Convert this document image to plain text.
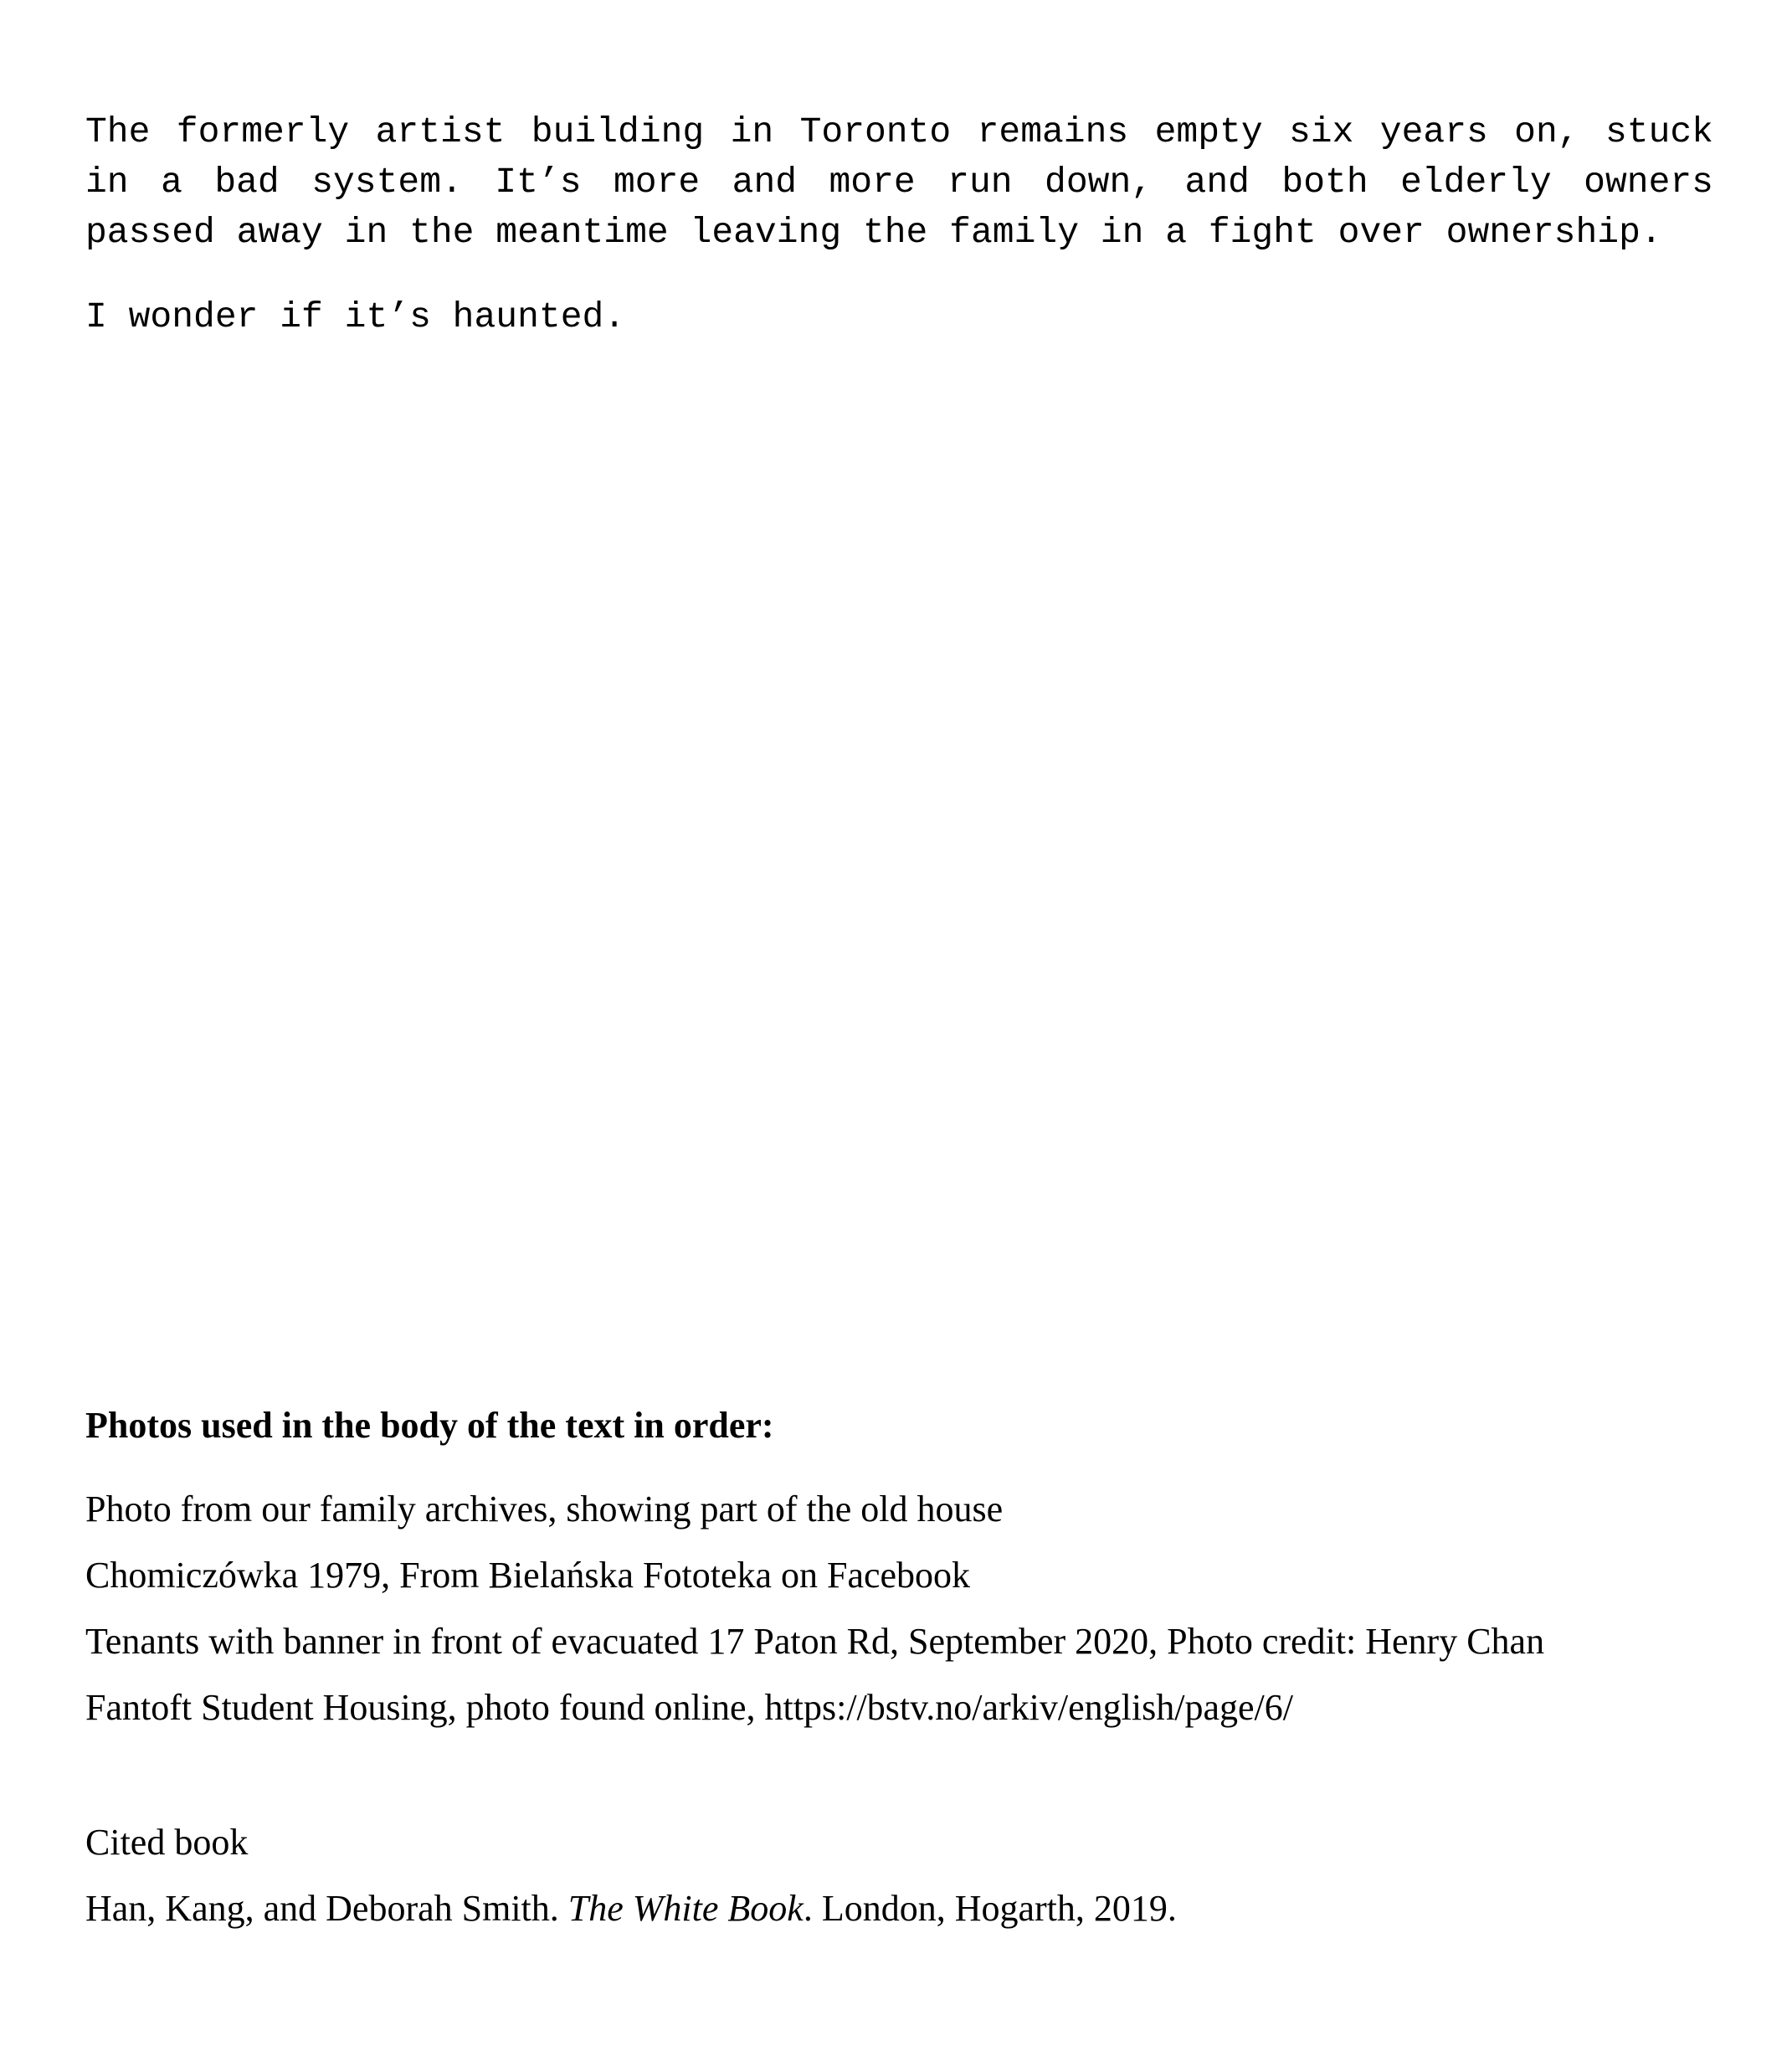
The formerly artist building in Toronto remains empty six years on, stuck in a bad system. It’s more and more run down, and both elderly owners passed away in the meantime leaving the family in a fight over ownership.

I wonder if it’s haunted.

Photos used in the body of the text in order:

Photo from our family archives, showing part of the old house

Chomiczówka 1979, From Bielańska Fototeka on Facebook

Tenants with banner in front of evacuated 17 Paton Rd, September 2020, Photo credit: Henry Chan

Fantoft Student Housing, photo found online, https://bstv.no/arkiv/english/page/6/

Cited book

Han, Kang, and Deborah Smith. The White Book. London, Hogarth, 2019.
